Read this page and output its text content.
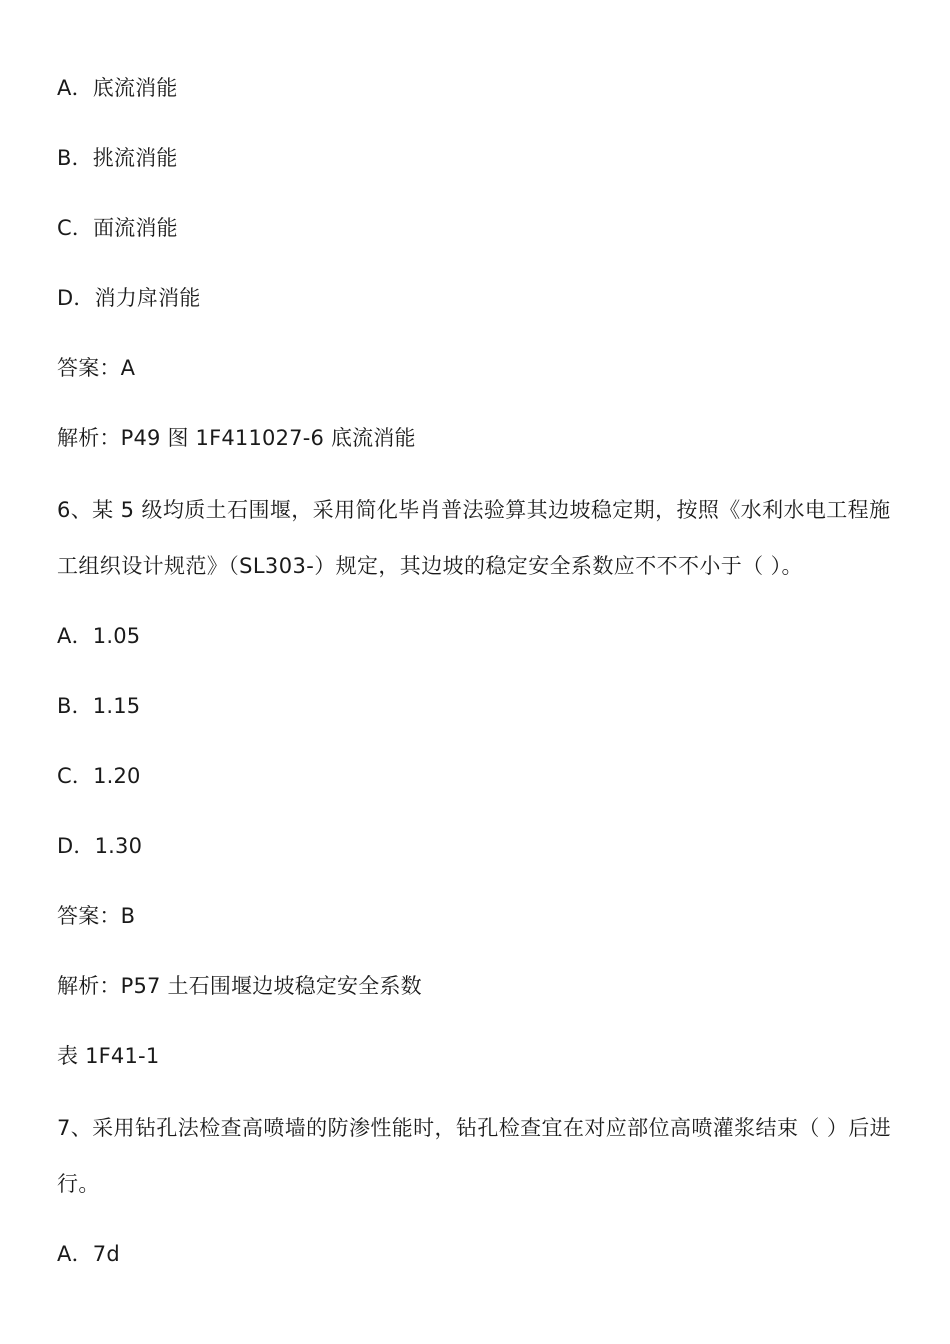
A．底流消能
B．挑流消能
C．面流消能
D．消力戽消能
答案：A
解析：P49 图 1F411027-6 底流消能
6、某 5 级均质土石围堰，采用简化毕肖普法验算其边坡稳定期，按照《水利水电工程施工组织设计规范》（SL303-）规定，其边坡的稳定安全系数应不不不小于（ ）。
A．1.05
B．1.15
C．1.20
D．1.30
答案：B
解析：P57 土石围堰边坡稳定安全系数
表 1F41-1
7、采用钻孔法检查高喷墙的防渗性能时，钻孔检查宜在对应部位高喷灌浆结束（ ）后进行。
A．7d
